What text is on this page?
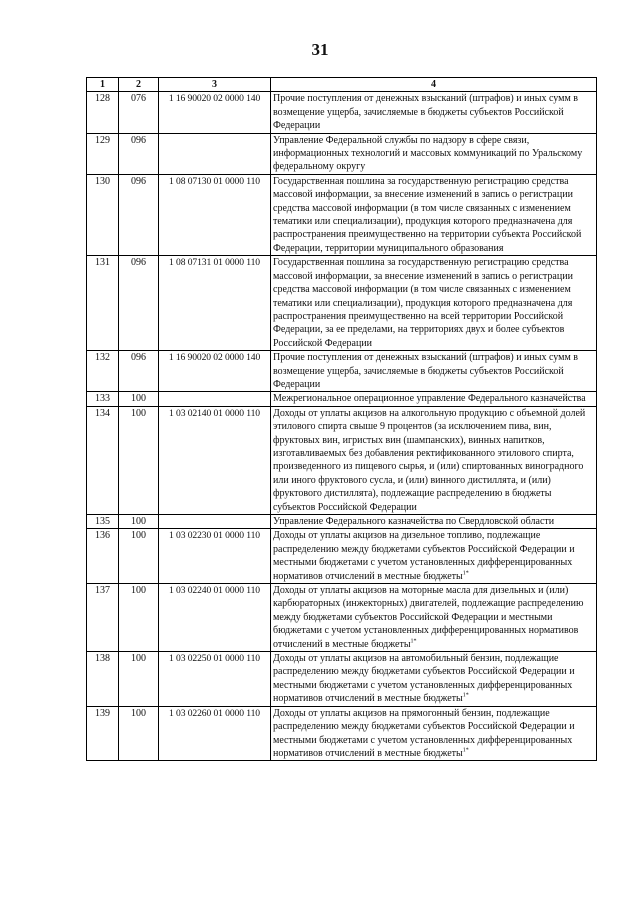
31
1	2	3	4
128	076	1 16 90020 02 0000 140	Прочие поступления от денежных взысканий (штрафов) и иных сумм в возмещение ущерба, зачисляемые в бюджеты субъектов Российской Федерации
129	096		Управление Федеральной службы по надзору в сфере связи, информационных технологий и массовых коммуникаций по Уральскому федеральному округу
130	096	1 08 07130 01 0000 110	Государственная пошлина за государственную регистрацию средства массовой информации, за внесение изменений в запись о регистрации средства массовой информации (в том числе связанных с изменением тематики или специализации), продукция которого предназначена для распространения преимущественно на территории субъекта Российской Федерации, территории муниципального образования
131	096	1 08 07131 01 0000 110	Государственная пошлина за государственную регистрацию средства массовой информации, за внесение изменений в запись о регистрации средства массовой информации (в том числе связанных с изменением тематики или специализации), продукция которого предназначена для распространения преимущественно на всей территории Российской Федерации, за ее пределами, на территориях двух и более субъектов Российской Федерации
132	096	1 16 90020 02 0000 140	Прочие поступления от денежных взысканий (штрафов) и иных сумм в возмещение ущерба, зачисляемые в бюджеты субъектов Российской Федерации
133	100		Межрегиональное операционное управление Федерального казначейства
134	100	1 03 02140 01 0000 110	Доходы от уплаты акцизов на алкогольную продукцию с объемной долей этилового спирта свыше 9 процентов (за исключением пива, вин, фруктовых вин, игристых вин (шампанских), винных напитков, изготавливаемых без добавления ректификованного этилового спирта, произведенного из пищевого сырья, и (или) спиртованных виноградного или иного фруктового сусла, и (или) винного дистиллята, и (или) фруктового дистиллята), подлежащие распределению в бюджеты субъектов Российской Федерации
135	100		Управление Федерального казначейства по Свердловской области
136	100	1 03 02230 01 0000 110	Доходы от уплаты акцизов на дизельное топливо, подлежащие распределению между бюджетами субъектов Российской Федерации и местными бюджетами с учетом установленных дифференцированных нормативов отчислений в местные бюджеты$^{1*}$
137	100	1 03 02240 01 0000 110	Доходы от уплаты акцизов на моторные масла для дизельных и (или) карбюраторных (инжекторных) двигателей, подлежащие распределению между бюджетами субъектов Российской Федерации и местными бюджетами с учетом установленных дифференцированных нормативов отчислений в местные бюджеты$^{1*}$
138	100	1 03 02250 01 0000 110	Доходы от уплаты акцизов на автомобильный бензин, подлежащие распределению между бюджетами субъектов Российской Федерации и местными бюджетами с учетом установленных дифференцированных нормативов отчислений в местные бюджеты$^{1*}$
139	100	1 03 02260 01 0000 110	Доходы от уплаты акцизов на прямогонный бензин, подлежащие распределению между бюджетами субъектов Российской Федерации и местными бюджетами с учетом установленных дифференцированных нормативов отчислений в местные бюджеты$^{1*}$
